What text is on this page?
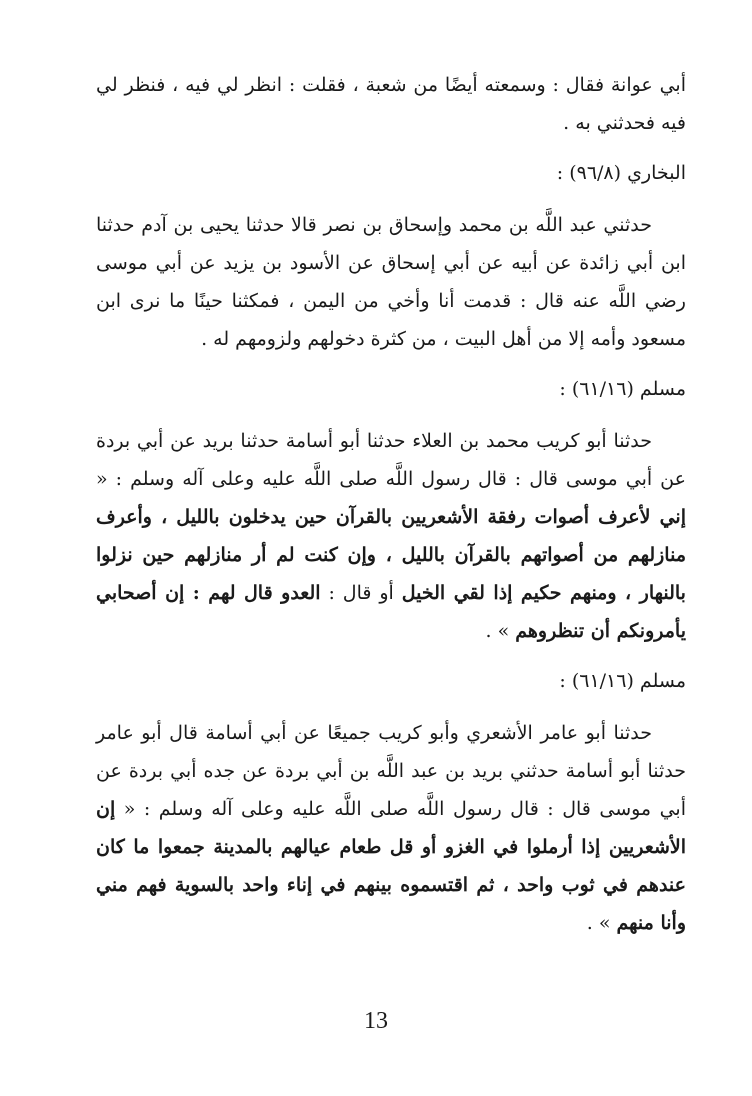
أبي عوانة فقال : وسمعته أيضًا من شعبة ، فقلت : انظر لي فيه ، فنظر لي فيه فحدثني به .

البخاري (٩٦/٨) :

حدثني عبد اللَّه بن محمد وإسحاق بن نصر قالا حدثنا يحيى بن آدم حدثنا ابن أبي زائدة عن أبيه عن أبي إسحاق عن الأسود بن يزيد عن أبي موسى رضي اللَّه عنه قال : قدمت أنا وأخي من اليمن ، فمكثنا حينًا ما نرى ابن مسعود وأمه إلا من أهل البيت ، من كثرة دخولهم ولزومهم له .

مسلم (٦١/١٦) :

حدثنا أبو كريب محمد بن العلاء حدثنا أبو أسامة حدثنا بريد عن أبي بردة عن أبي موسى قال : قال رسول اللَّه صلى اللَّه عليه وعلى آله وسلم : « إني لأعرف أصوات رفقة الأشعريين بالقرآن حين يدخلون بالليل ، وأعرف منازلهم من أصواتهم بالقرآن بالليل ، وإن كنت لم أر منازلهم حين نزلوا بالنهار ، ومنهم حكيم إذا لقي الخيل أو قال : العدو قال لهم : إن أصحابي يأمرونكم أن تنظروهم » .

مسلم (٦١/١٦) :

حدثنا أبو عامر الأشعري وأبو كريب جميعًا عن أبي أسامة قال أبو عامر حدثنا أبو أسامة حدثني بريد بن عبد اللَّه بن أبي بردة عن جده أبي بردة عن أبي موسى قال : قال رسول اللَّه صلى اللَّه عليه وعلى آله وسلم : « إن الأشعريين إذا أرملوا في الغزو أو قل طعام عيالهم بالمدينة جمعوا ما كان عندهم في ثوب واحد ، ثم اقتسموه بينهم في إناء واحد بالسوية فهم مني وأنا منهم » .

13
